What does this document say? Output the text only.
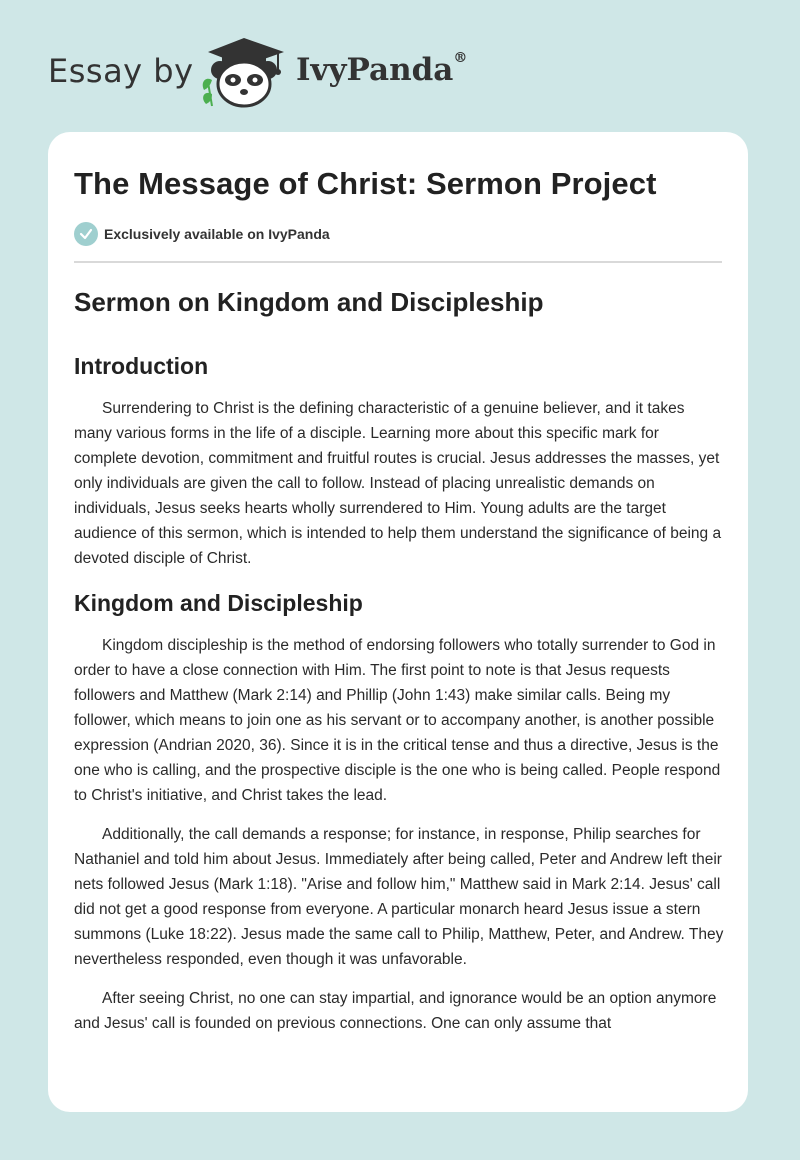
Essay by	IvyPanda®
The Message of Christ: Sermon Project
Exclusively available on IvyPanda
Sermon on Kingdom and Discipleship
Introduction

Surrendering to Christ is the defining characteristic of a genuine believer, and it takes many various forms in the life of a disciple. Learning more about this specific mark for complete devotion, commitment and fruitful routes is crucial. Jesus addresses the masses, yet only individuals are given the call to follow. Instead of placing unrealistic demands on individuals, Jesus seeks hearts wholly surrendered to Him. Young adults are the target audience of this sermon, which is intended to help them understand the significance of being a devoted disciple of Christ.

Kingdom and Discipleship

Kingdom discipleship is the method of endorsing followers who totally surrender to God in order to have a close connection with Him. The first point to note is that Jesus requests followers and Matthew (Mark 2:14) and Phillip (John 1:43) make similar calls. Being my follower, which means to join one as his servant or to accompany another, is another possible expression (Andrian 2020, 36). Since it is in the critical tense and thus a directive, Jesus is the one who is calling, and the prospective disciple is the one who is being called. People respond to Christ's initiative, and Christ takes the lead.

Additionally, the call demands a response; for instance, in response, Philip searches for Nathaniel and told him about Jesus. Immediately after being called, Peter and Andrew left their nets followed Jesus (Mark 1:18). "Arise and follow him," Matthew said in Mark 2:14. Jesus' call did not get a good response from everyone. A particular monarch heard Jesus issue a stern summons (Luke 18:22). Jesus made the same call to Philip, Matthew, Peter, and Andrew. They nevertheless responded, even though it was unfavorable.

After seeing Christ, no one can stay impartial, and ignorance would be an option anymore and Jesus' call is founded on previous connections. One can only assume that
